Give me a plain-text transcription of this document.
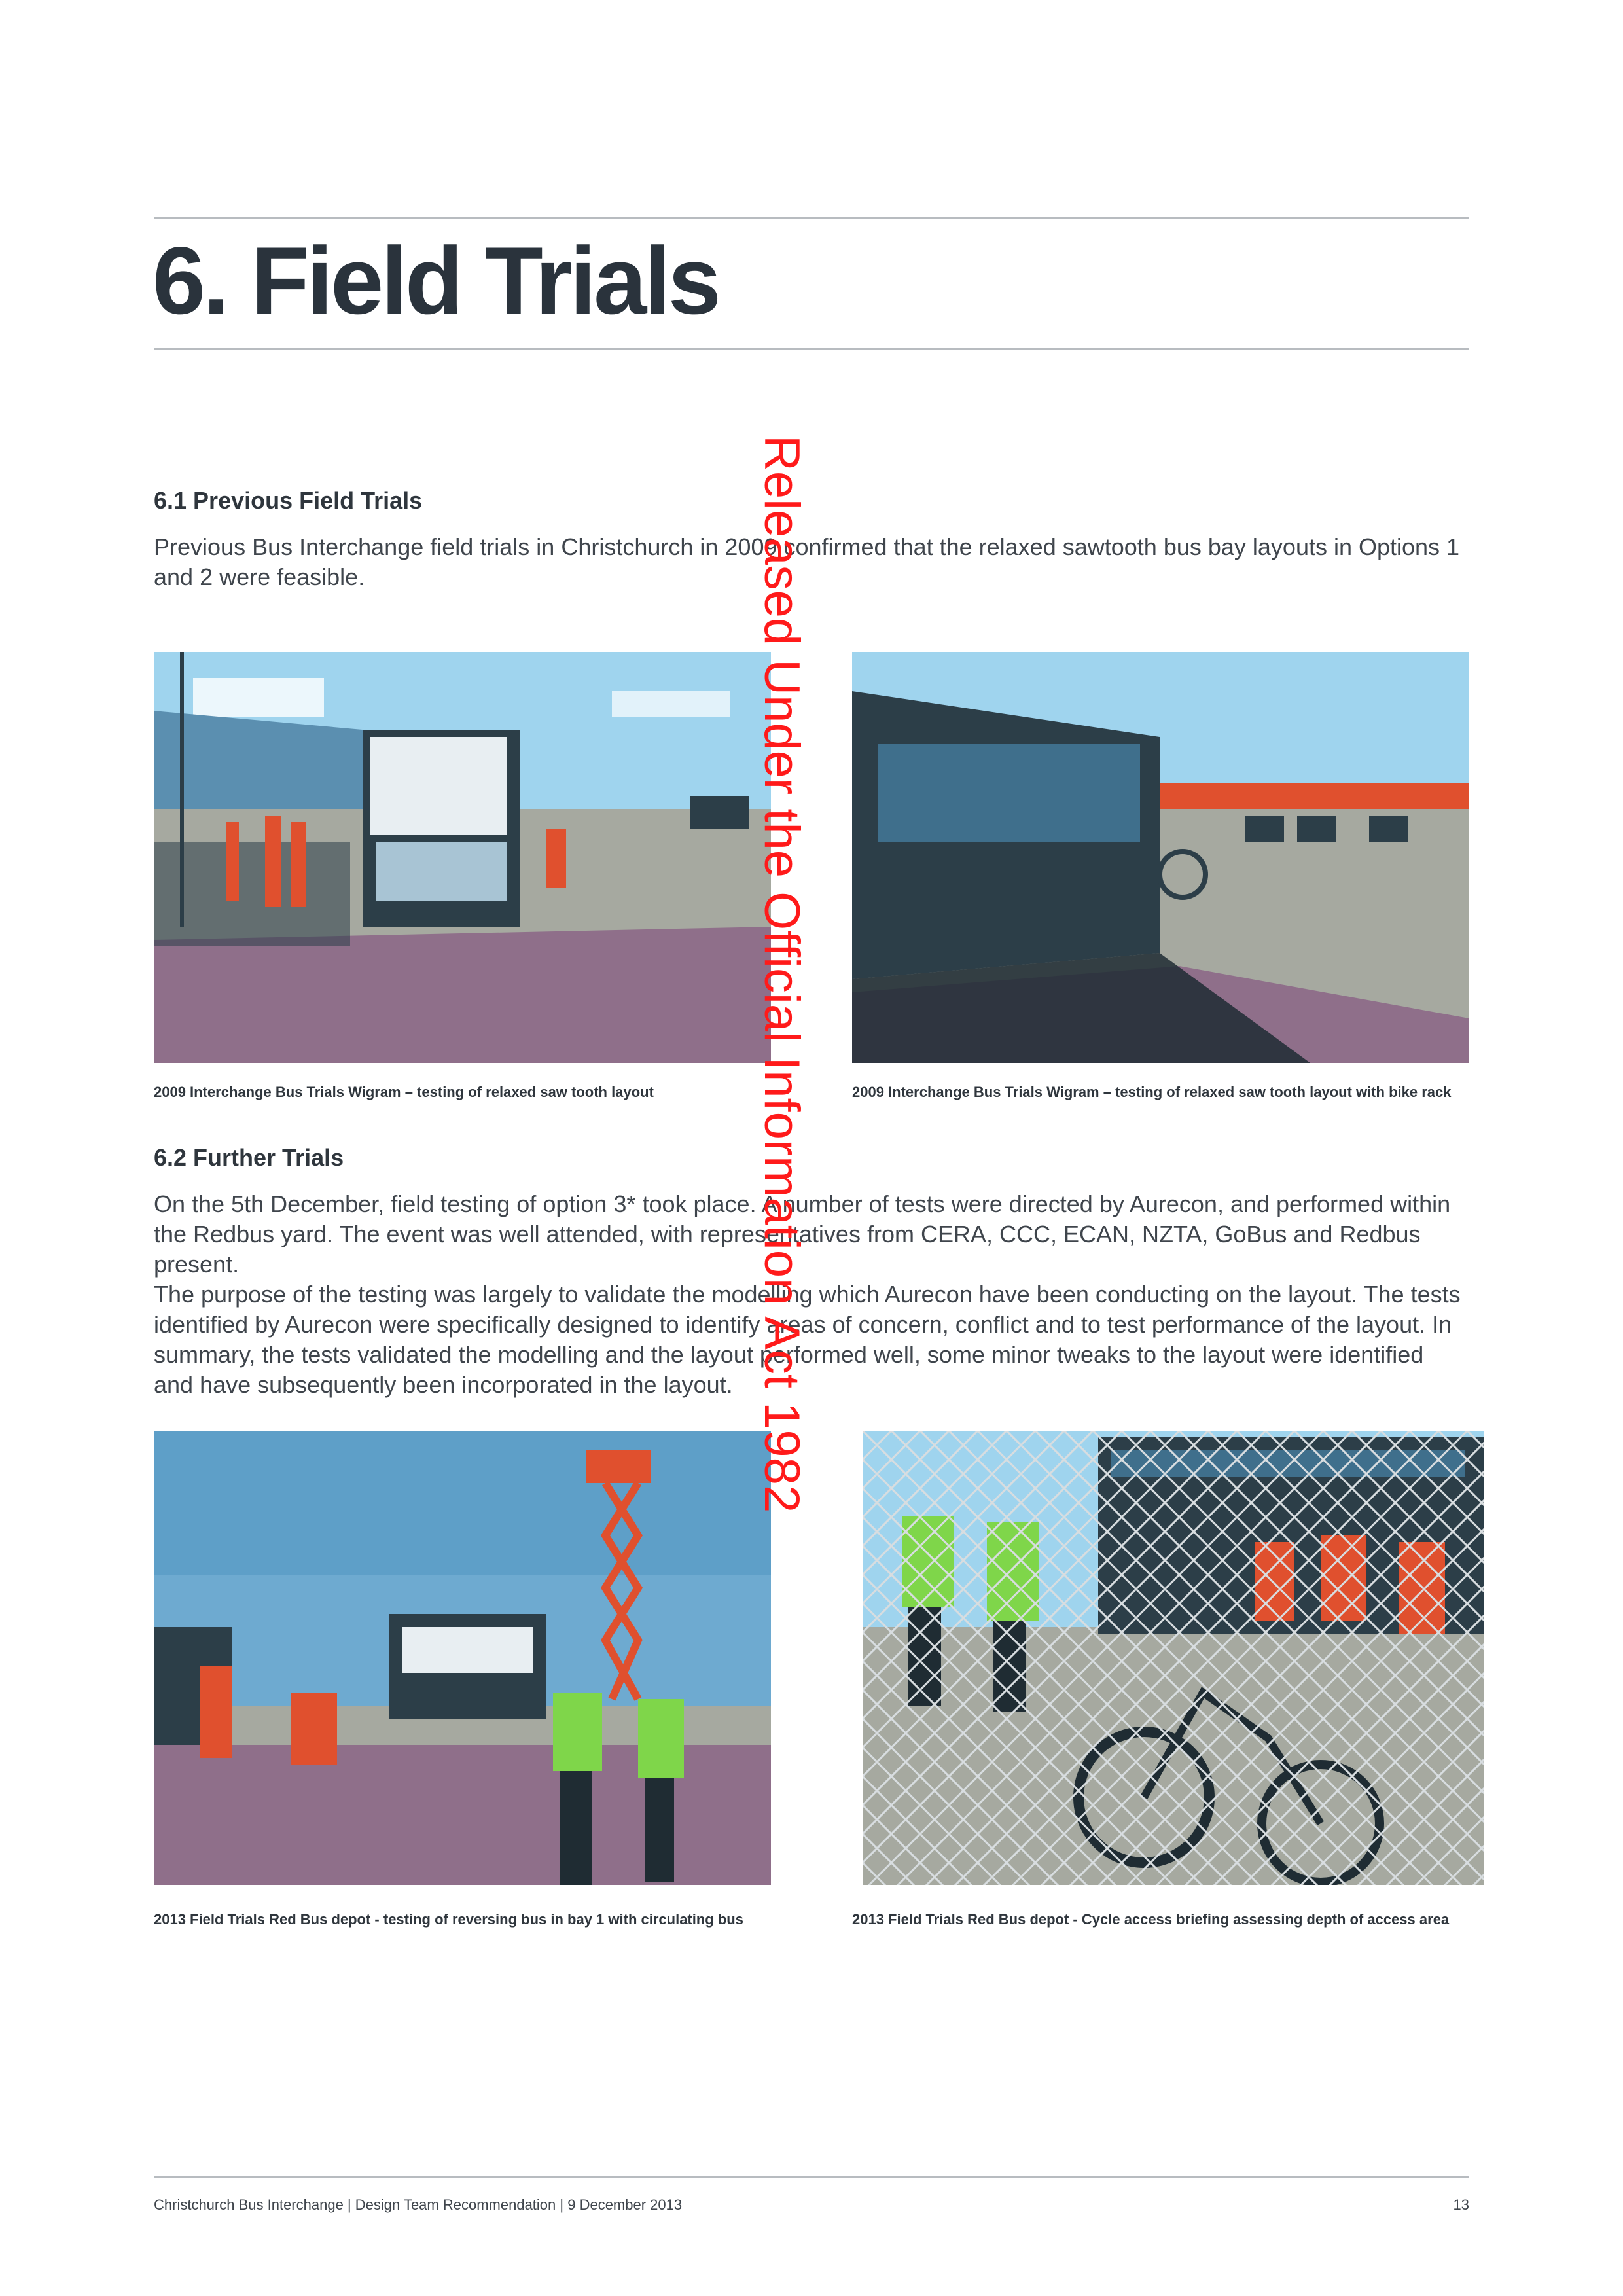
6. Field Trials
6.1 Previous Field Trials

Previous Bus Interchange field trials in Christchurch in 2009 confirmed that the relaxed sawtooth bus bay layouts in Options 1 and 2 were feasible.

2009 Interchange Bus Trials Wigram – testing of relaxed saw tooth layout	2009 Interchange Bus Trials Wigram – testing of relaxed saw tooth layout with bike rack

6.2 Further Trials

On the 5th December, field testing of option 3* took place. A number of tests were directed by Aurecon, and performed within the Redbus yard. The event was well attended, with representatives from CERA, CCC, ECAN, NZTA, GoBus and Redbus present.

The purpose of the testing was largely to validate the modelling which Aurecon have been conducting on the layout. The tests identified by Aurecon were specifically designed to identify areas of concern, conflict and to test performance of the layout. In summary, the tests validated the modelling and the layout performed well, some minor tweaks to the layout were identified and have subsequently been incorporated in the layout.

2013 Field Trials Red Bus depot - testing of reversing bus in bay 1 with circulating bus	2013 Field Trials Red Bus depot - Cycle access briefing assessing depth of access area

Christchurch Bus Interchange | Design Team Recommendation | 9 December 2013	13
Released Under the Official Information Act 1982
